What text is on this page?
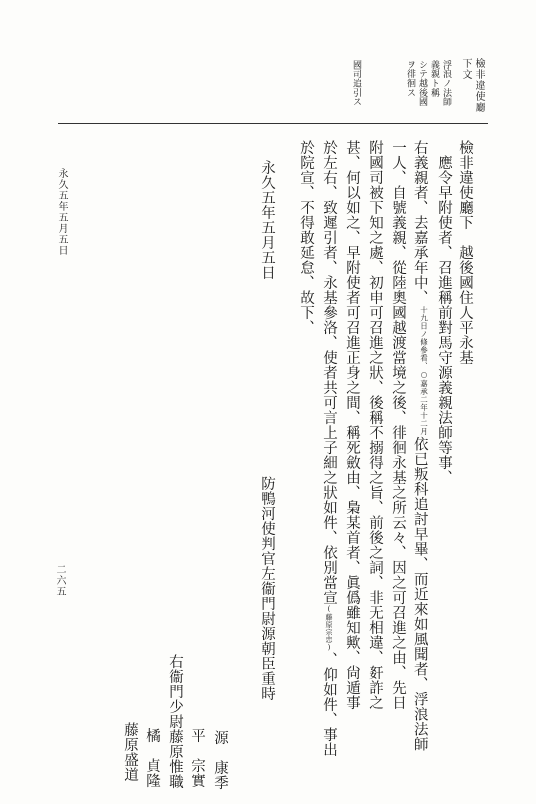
檢非違使廳
下文
浮浪ノ法師
義親ト稱
シテ越後國
ヲ徘徊ス
國司追引ス
檢非違使廳下　越後國住人平永基
應令早附使者、召進稱前對馬守源義親法師等事、
右義親者、去嘉承年中、
○嘉承二年十二月
十九日ノ條參看、
依已叛科追討早畢、而近來如風聞者、浮浪法師
一人、自號義親、從陸奧國越渡當境之後、徘徊永基之所云々、因之可召進之由、先日
附國司被下知之處、初申可召進之狀、後稱不搦得之旨、前後之詞、非无相違、姧詐之
甚、何以如之、早附使者可召進正身之間、稱死斂由、梟某首者、眞僞雖知歟、尙遁事
於左右、致遲引者、永基參洛、使者共可言上子細之狀如件、依別當宣(藤原宗忠)、仰如件、事出
於院宣、不得敢延怠、故下、
永久五年五月五日
防鴨河使判官左衞門尉源朝臣重時
源　康季
平　宗實
右衞門少尉藤原惟職
橘　貞隆
藤原盛道
永久五年五月五日
二六五
